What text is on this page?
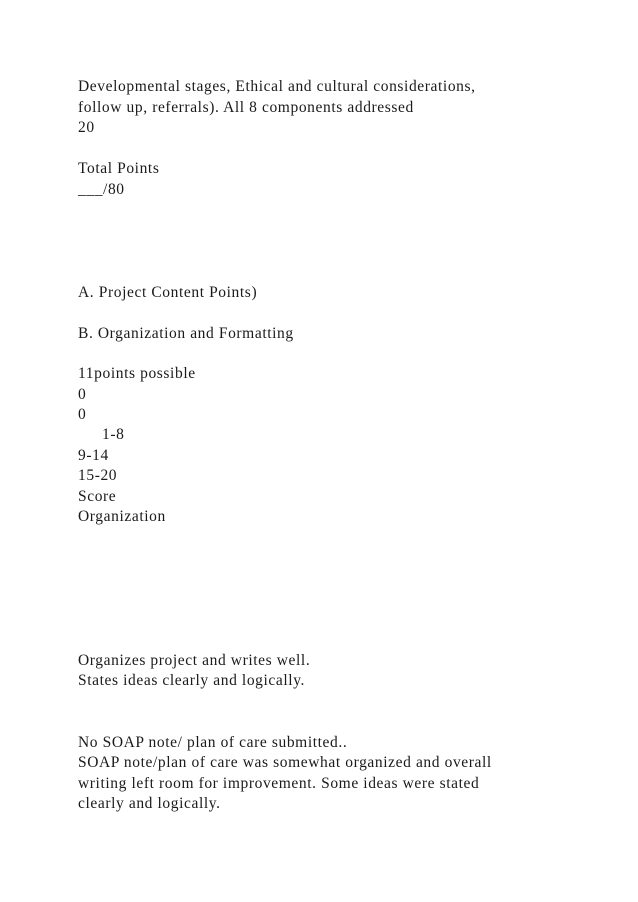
Developmental stages, Ethical and cultural considerations,
follow up, referrals). All 8 components addressed
20
Total Points
___/80
A. Project Content Points)
B. Organization and Formatting
11points possible
0
0
1-8
9-14
15-20
Score
Organization
Organizes project and writes well.
States ideas clearly and logically.
No SOAP note/ plan of care submitted..
SOAP note/plan of care was somewhat organized and overall
writing left room for improvement. Some ideas were stated
clearly and logically.
